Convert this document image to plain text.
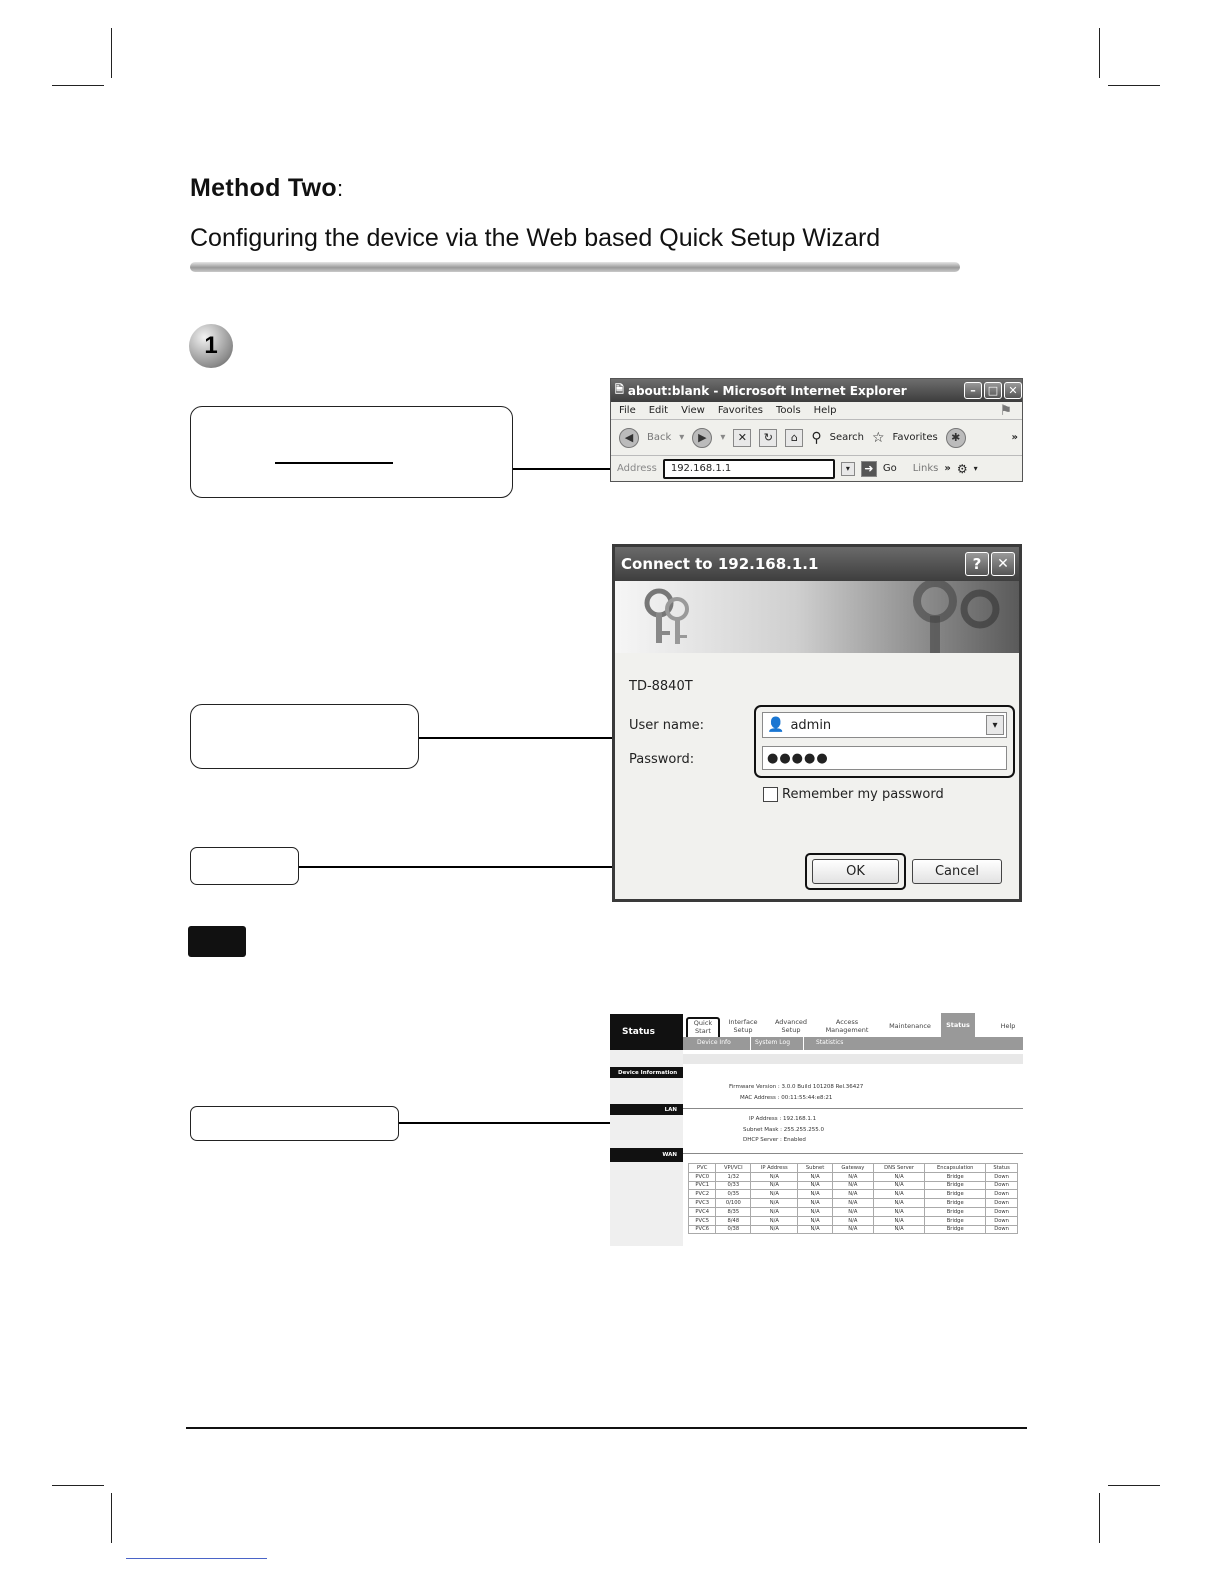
Method Two:
Configuring the device via the Web based Quick Setup Wizard
1
🗎 about:blank - Microsoft Internet Explorer	–	□ ✕
File Edit View Favorites Tools Help	⚑
◀	Back ▾	▶	▾	✕	↻	⌂ ⚲ Search ☆ Favorites	✱	»
Address 192.168.1.1	▾	➜ Go Links » ⚙ ▾
Connect to 192.168.1.1	?	✕
TD-8840T
User name:
Password:
👤 admin	▾
●●●●●
Remember my password
OK	Cancel
Status
Quick
Start
Interface
Setup
Advanced
Setup
Access
Management	Maintenance	Status	Help
Device Info	System Log	Statistics
Device Information
Firmware Version : 3.0.0 Build 101208 Rel.36427
MAC Address : 00:11:55:44:e8:21
LAN
IP Address : 192.168.1.1
Subnet Mask : 255.255.255.0
DHCP Server : Enabled
WAN
PVC	VPI/VCI	IP Address	Subnet	Gateway	DNS Server	Encapsulation	Status
PVC0	1/32	N/A	N/A	N/A	N/A	Bridge	Down
PVC1	0/33	N/A	N/A	N/A	N/A	Bridge	Down
PVC2	0/35	N/A	N/A	N/A	N/A	Bridge	Down
PVC3	0/100	N/A	N/A	N/A	N/A	Bridge	Down
PVC4	8/35	N/A	N/A	N/A	N/A	Bridge	Down
PVC5	8/48	N/A	N/A	N/A	N/A	Bridge	Down
PVC6	0/38	N/A	N/A	N/A	N/A	Bridge	Down
